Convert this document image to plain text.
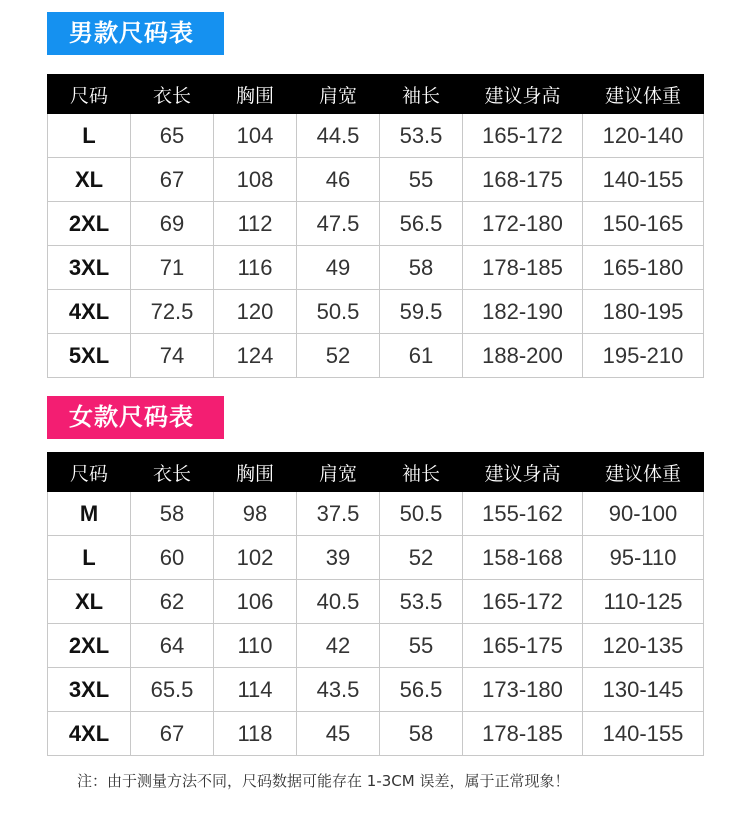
男款尺码表
尺码	衣长	胸围	肩宽	袖长	建议身高	建议体重
L	65	104	44.5	53.5	165-172	120-140
XL	67	108	46	55	168-175	140-155
2XL	69	112	47.5	56.5	172-180	150-165
3XL	71	116	49	58	178-185	165-180
4XL	72.5	120	50.5	59.5	182-190	180-195
5XL	74	124	52	61	188-200	195-210
女款尺码表
尺码	衣长	胸围	肩宽	袖长	建议身高	建议体重
M	58	98	37.5	50.5	155-162	90-100
L	60	102	39	52	158-168	95-110
XL	62	106	40.5	53.5	165-172	110-125
2XL	64	110	42	55	165-175	120-135
3XL	65.5	114	43.5	56.5	173-180	130-145
4XL	67	118	45	58	178-185	140-155
注：由于测量方法不同，尺码数据可能存在 1-3CM 误差，属于正常现象！
